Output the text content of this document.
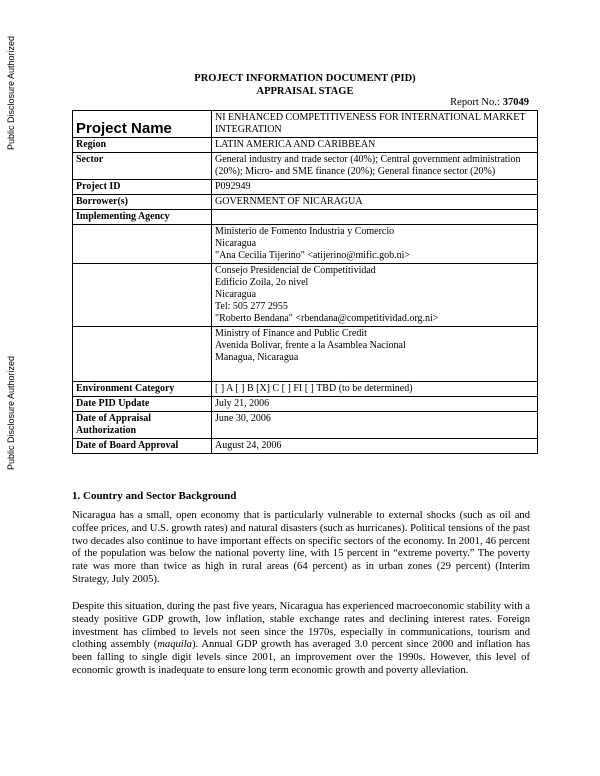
Public Disclosure Authorized
Public Disclosure Authorized
PROJECT INFORMATION DOCUMENT (PID)
APPRAISAL STAGE
Report No.: 37049
Project Name	NI ENHANCED COMPETITIVENESS FOR INTERNATIONAL MARKET INTEGRATION
Region	LATIN AMERICA AND CARIBBEAN
Sector	General industry and trade sector (40%); Central government administration (20%); Micro- and SME finance (20%); General finance sector (20%)
Project ID	P092949
Borrower(s)	GOVERNMENT OF NICARAGUA
Implementing Agency	

	Ministerio de Fomento Industria y Comercio
Nicaragua
"Ana Cecilia Tijerino" <atijerino@mific.gob.ni>

	Consejo Presidencial de Competitividad
Edificio Zoila, 2o nivel
Nicaragua
Tel: 505 277 2955
"Roberto Bendana" <rbendana@competitividad.org.ni>

	Ministry of Finance and Public Credit
Avenida Bolivar, frente a la Asamblea Nacional
Managua, Nicaragua

Environment Category	[ ] A [ ] B [X] C [ ] FI [ ] TBD (to be determined)
Date PID Update	July 21, 2006

Date of Appraisal
Authorization	June 30, 2006
Date of Board Approval	August 24, 2006
1. Country and Sector Background

Nicaragua has a small, open economy that is particularly vulnerable to external shocks (such as oil and coffee prices, and U.S. growth rates) and natural disasters (such as hurricanes). Political tensions of the past two decades also continue to have important effects on specific sectors of the economy. In 2001, 46 percent of the population was below the national poverty line, with 15 percent in “extreme poverty.” The poverty rate was more than twice as high in rural areas (64 percent) as in urban zones (29 percent) (Interim Strategy, July 2005).

Despite this situation, during the past five years, Nicaragua has experienced macroeconomic stability with a steady positive GDP growth, low inflation, stable exchange rates and declining interest rates. Foreign investment has climbed to levels not seen since the 1970s, especially in communications, tourism and clothing assembly (maquila). Annual GDP growth has averaged 3.0 percent since 2000 and inflation has been falling to single digit levels since 2001, an improvement over the 1990s. However, this level of economic growth is inadequate to ensure long term economic growth and poverty alleviation.
